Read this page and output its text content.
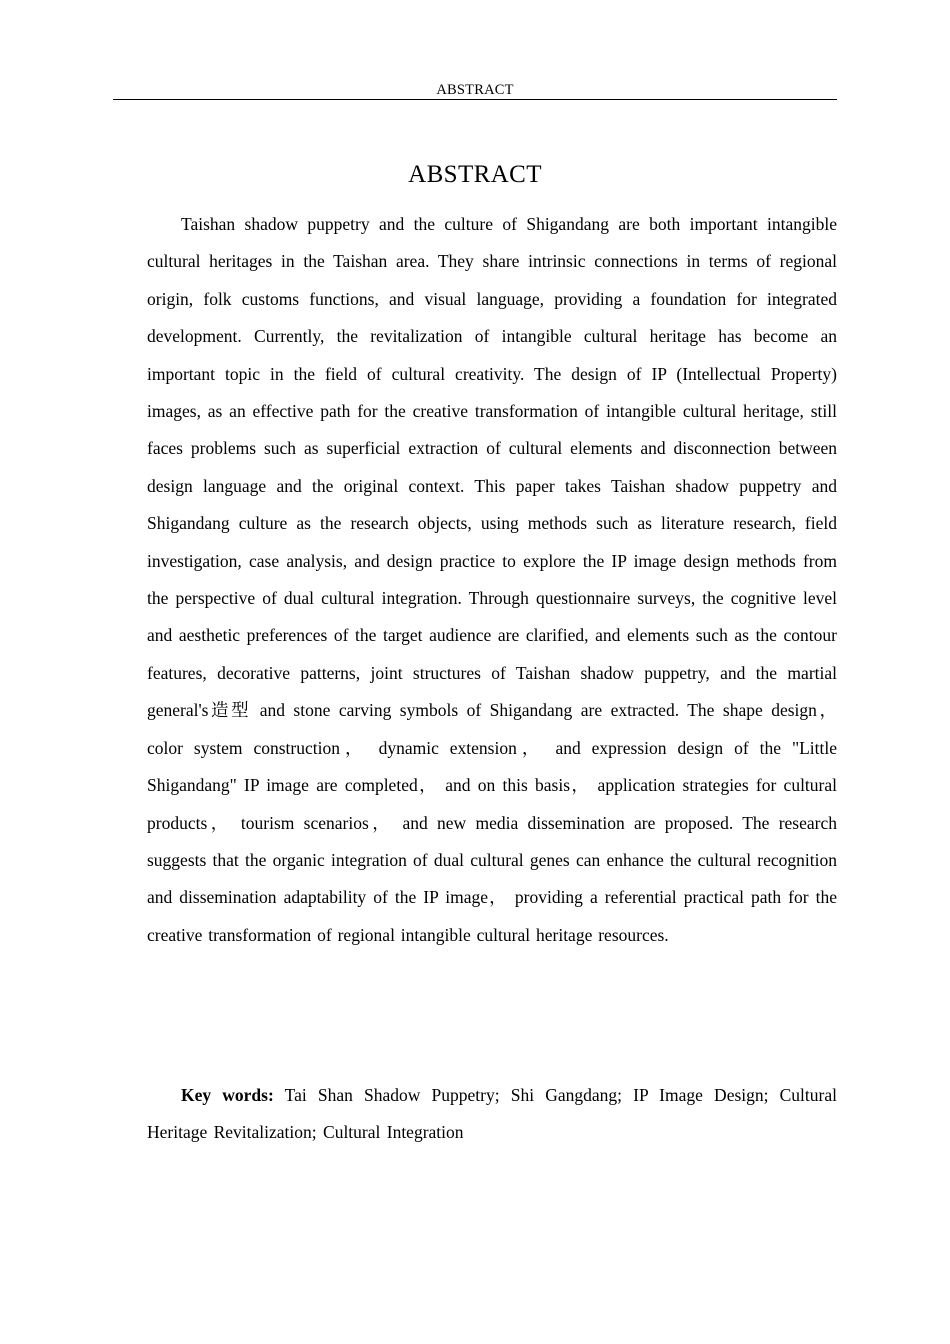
ABSTRACT
ABSTRACT

Taishan shadow puppetry and the culture of Shigandang are both important intangible cultural heritages in the Taishan area. They share intrinsic connections in terms of regional origin, folk customs functions, and visual language, providing a foundation for integrated development. Currently, the revitalization of intangible cultural heritage has become an important topic in the field of cultural creativity. The design of IP (Intellectual Property) images, as an effective path for the creative transformation of intangible cultural heritage, still faces problems such as superficial extraction of cultural elements and disconnection between design language and the original context. This paper takes Taishan shadow puppetry and Shigandang culture as the research objects, using methods such as literature research, field investigation, case analysis, and design practice to explore the IP image design methods from the perspective of dual cultural integration. Through questionnaire surveys, the cognitive level and aesthetic preferences of the target audience are clarified, and elements such as the contour features, decorative patterns, joint structures of Taishan shadow puppetry, and the martial general's造型 and stone carving symbols of Shigandang are extracted. The shape design， color system construction， dynamic extension， and expression design of the "Little Shigandang" IP image are completed， and on this basis， application strategies for cultural products， tourism scenarios， and new media dissemination are proposed. The research suggests that the organic integration of dual cultural genes can enhance the cultural recognition and dissemination adaptability of the IP image， providing a referential practical path for the creative transformation of regional intangible cultural heritage resources.

Key words: Tai Shan Shadow Puppetry; Shi Gangdang; IP Image Design; Cultural Heritage Revitalization; Cultural Integration
